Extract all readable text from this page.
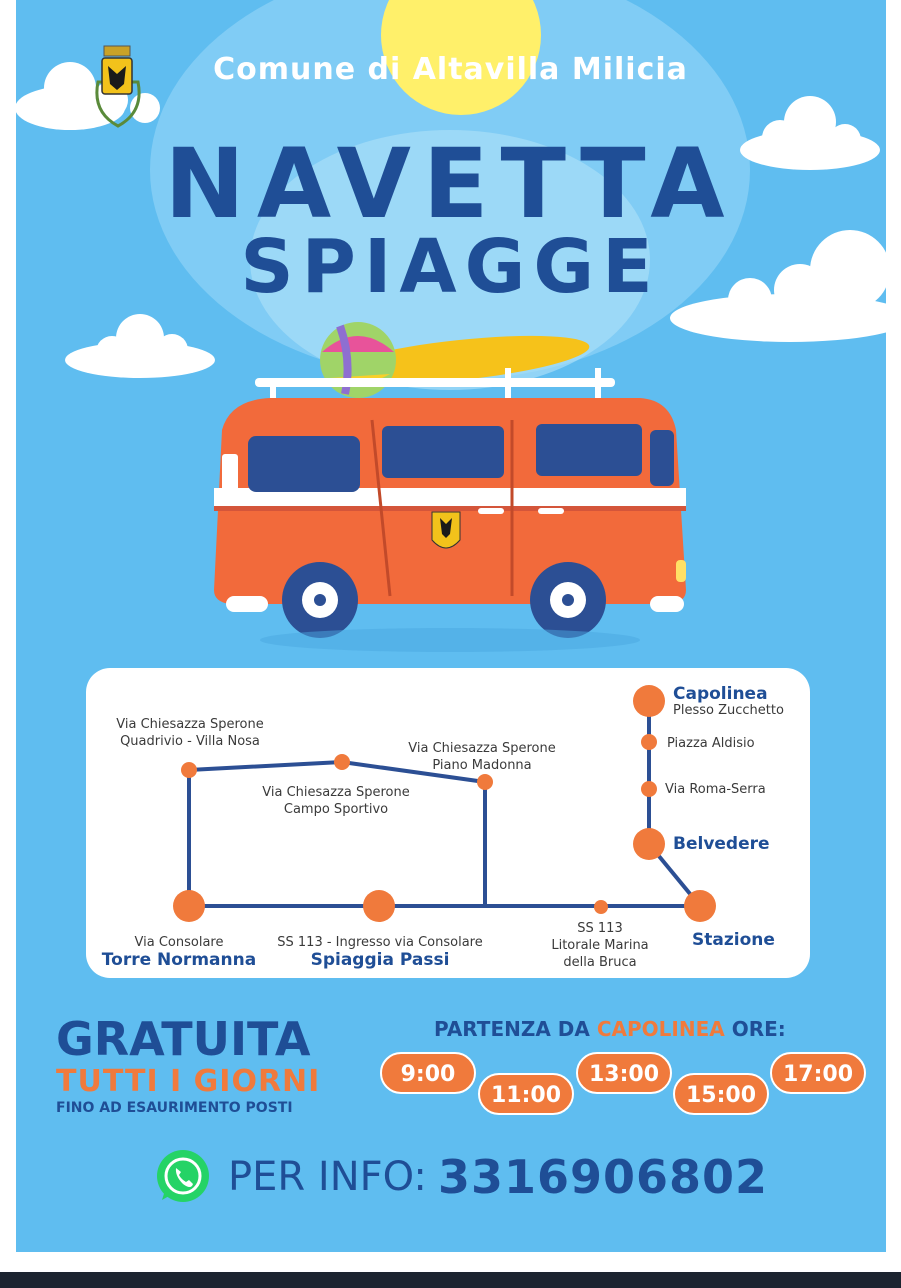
Comune di Altavilla Milicia
NAVETTA
SPIAGGE
Capolinea
Plesso Zucchetto
Piazza Aldisio
Via Roma-Serra
Belvedere
Stazione
SS 113
Litorale Marina
della Bruca
SS 113 - Ingresso via Consolare
Spiaggia Passi
Via Consolare
Torre Normanna
Via Chiesazza Sperone
Quadrivio - Villa Nosa
Via Chiesazza Sperone
Campo Sportivo
Via Chiesazza Sperone
Piano Madonna
GRATUITA
TUTTI I GIORNI
FINO AD ESAURIMENTO POSTI
PARTENZA DA CAPOLINEA ORE:
9:00
11:00
13:00
15:00
17:00
PER INFO: 3316906802
